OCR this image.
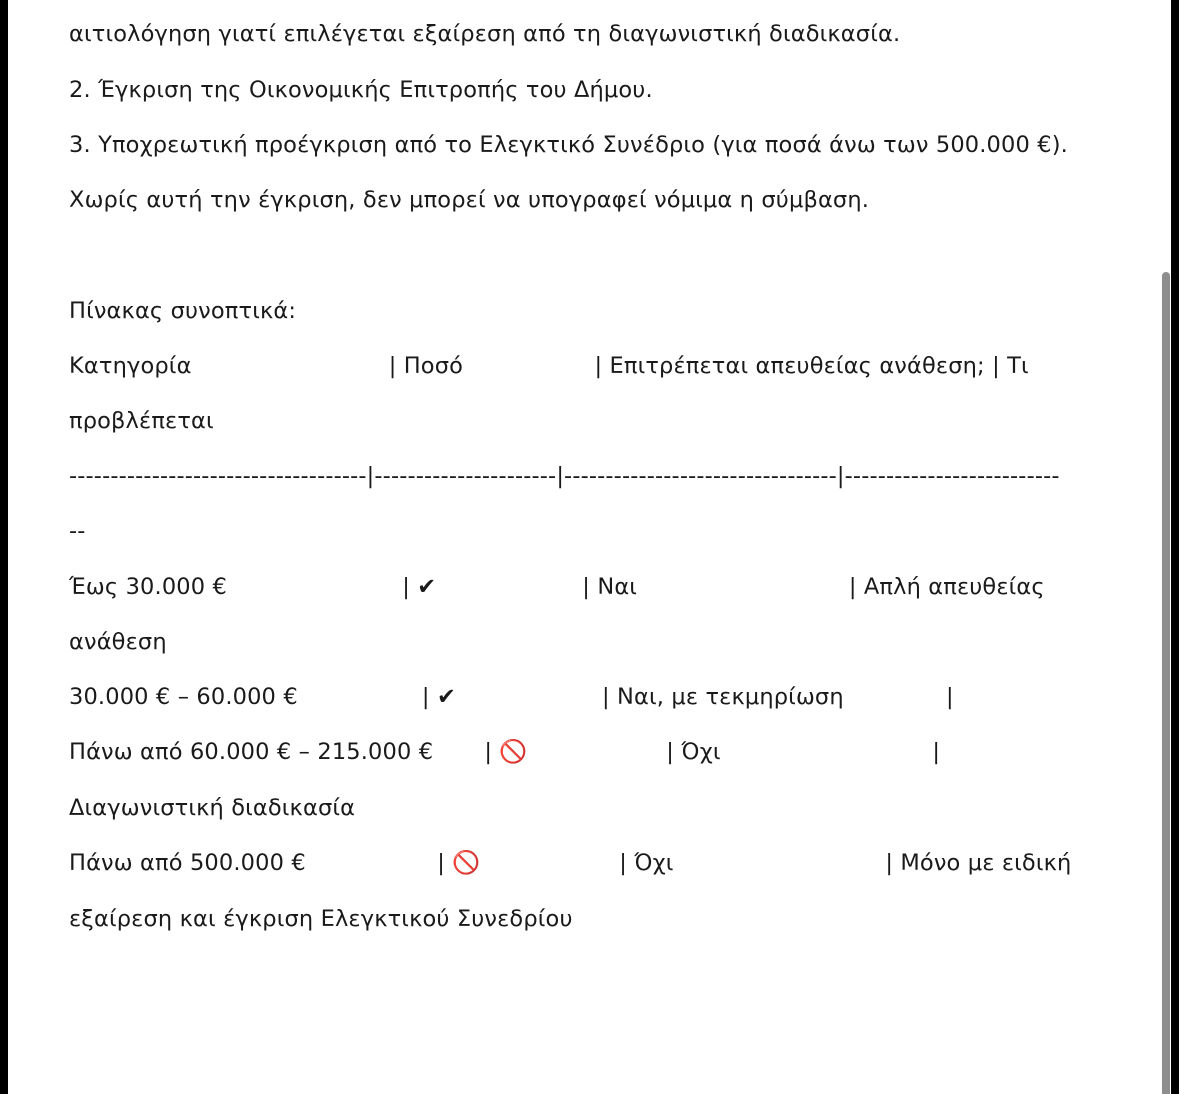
αιτιολόγηση γιατί επιλέγεται εξαίρεση από τη διαγωνιστική διαδικασία.

2. Έγκριση της Οικονομικής Επιτροπής του Δήμου.

3. Υποχρεωτική προέγκριση από το Ελεγκτικό Συνέδριο (για ποσά άνω των 500.000 €).

Χωρίς αυτή την έγκριση, δεν μπορεί να υπογραφεί νόμιμα η σύμβαση.

Πίνακας συνοπτικά:

Κατηγορία                           | Ποσό                  | Επιτρέπεται απευθείας ανάθεση; | Τι

προβλέπεται

------------------------------------|----------------------|---------------------------------|--------------------------

--

Έως 30.000 €                        | ✔                    | Ναι                             | Απλή απευθείας

ανάθεση

30.000 € – 60.000 €                 | ✔                    | Ναι, με τεκμηρίωση              |

Πάνω από 60.000 € – 215.000 €       | 🚫                   | Όχι                             |

Διαγωνιστική διαδικασία

Πάνω από 500.000 €                  | 🚫                   | Όχι                             | Μόνο με ειδική

εξαίρεση και έγκριση Ελεγκτικού Συνεδρίου
